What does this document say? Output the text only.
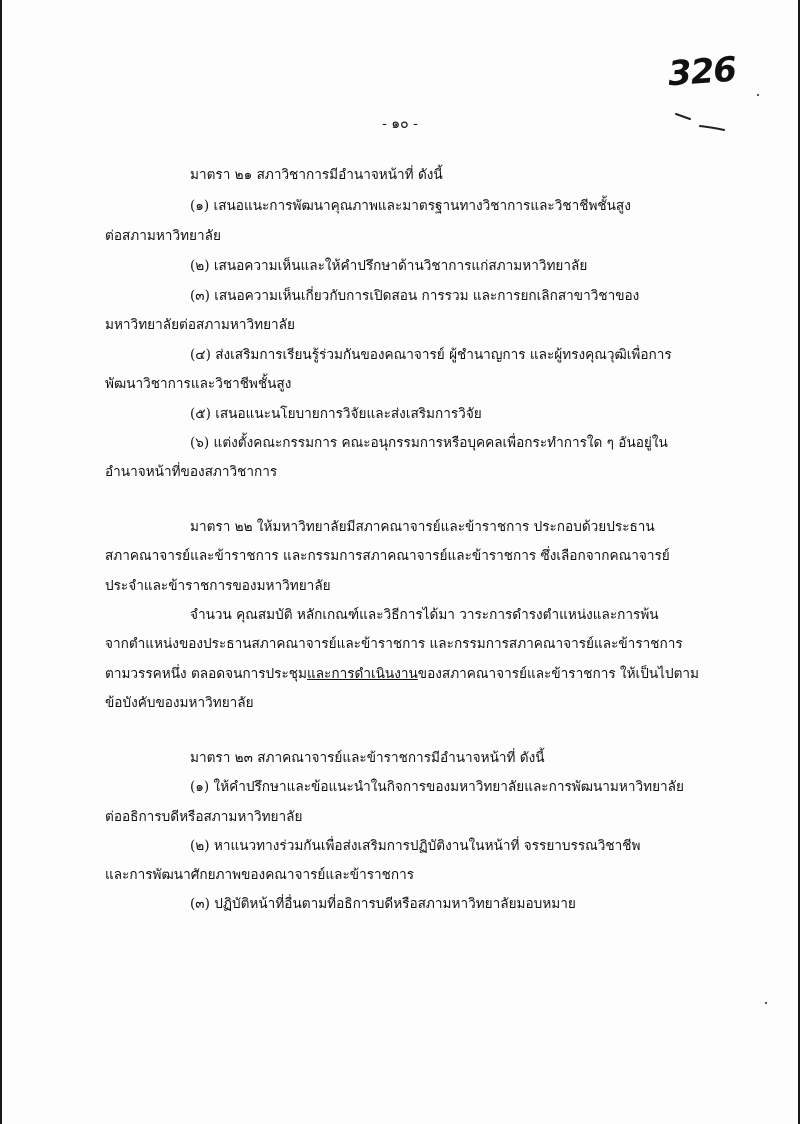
326
- ๑๐ -
มาตรา ๒๑ สภาวิชาการมีอำนาจหน้าที่ ดังนี้
(๑) เสนอแนะการพัฒนาคุณภาพและมาตรฐานทางวิชาการและวิชาชีพชั้นสูง
ต่อสภามหาวิทยาลัย
(๒) เสนอความเห็นและให้คำปรึกษาด้านวิชาการแก่สภามหาวิทยาลัย
(๓) เสนอความเห็นเกี่ยวกับการเปิดสอน การรวม และการยกเลิกสาขาวิชาของ
มหาวิทยาลัยต่อสภามหาวิทยาลัย
(๔) ส่งเสริมการเรียนรู้ร่วมกันของคณาจารย์ ผู้ชำนาญการ และผู้ทรงคุณวุฒิเพื่อการ
พัฒนาวิชาการและวิชาชีพชั้นสูง
(๕) เสนอแนะนโยบายการวิจัยและส่งเสริมการวิจัย
(๖) แต่งตั้งคณะกรรมการ คณะอนุกรรมการหรือบุคคลเพื่อกระทำการใด ๆ อันอยู่ใน
อำนาจหน้าที่ของสภาวิชาการ
มาตรา ๒๒ ให้มหาวิทยาลัยมีสภาคณาจารย์และข้าราชการ ประกอบด้วยประธาน
สภาคณาจารย์และข้าราชการ และกรรมการสภาคณาจารย์และข้าราชการ ซึ่งเลือกจากคณาจารย์
ประจำและข้าราชการของมหาวิทยาลัย
จำนวน คุณสมบัติ หลักเกณฑ์และวิธีการได้มา วาระการดำรงตำแหน่งและการพ้น
จากตำแหน่งของประธานสภาคณาจารย์และข้าราชการ และกรรมการสภาคณาจารย์และข้าราชการ
ตามวรรคหนึ่ง ตลอดจนการประชุมและการดำเนินงานของสภาคณาจารย์และข้าราชการ ให้เป็นไปตาม
ข้อบังคับของมหาวิทยาลัย
มาตรา ๒๓ สภาคณาจารย์และข้าราชการมีอำนาจหน้าที่ ดังนี้
(๑) ให้คำปรึกษาและข้อแนะนำในกิจการของมหาวิทยาลัยและการพัฒนามหาวิทยาลัย
ต่ออธิการบดีหรือสภามหาวิทยาลัย
(๒) หาแนวทางร่วมกันเพื่อส่งเสริมการปฏิบัติงานในหน้าที่ จรรยาบรรณวิชาชีพ
และการพัฒนาศักยภาพของคณาจารย์และข้าราชการ
(๓) ปฏิบัติหน้าที่อื่นตามที่อธิการบดีหรือสภามหาวิทยาลัยมอบหมาย
